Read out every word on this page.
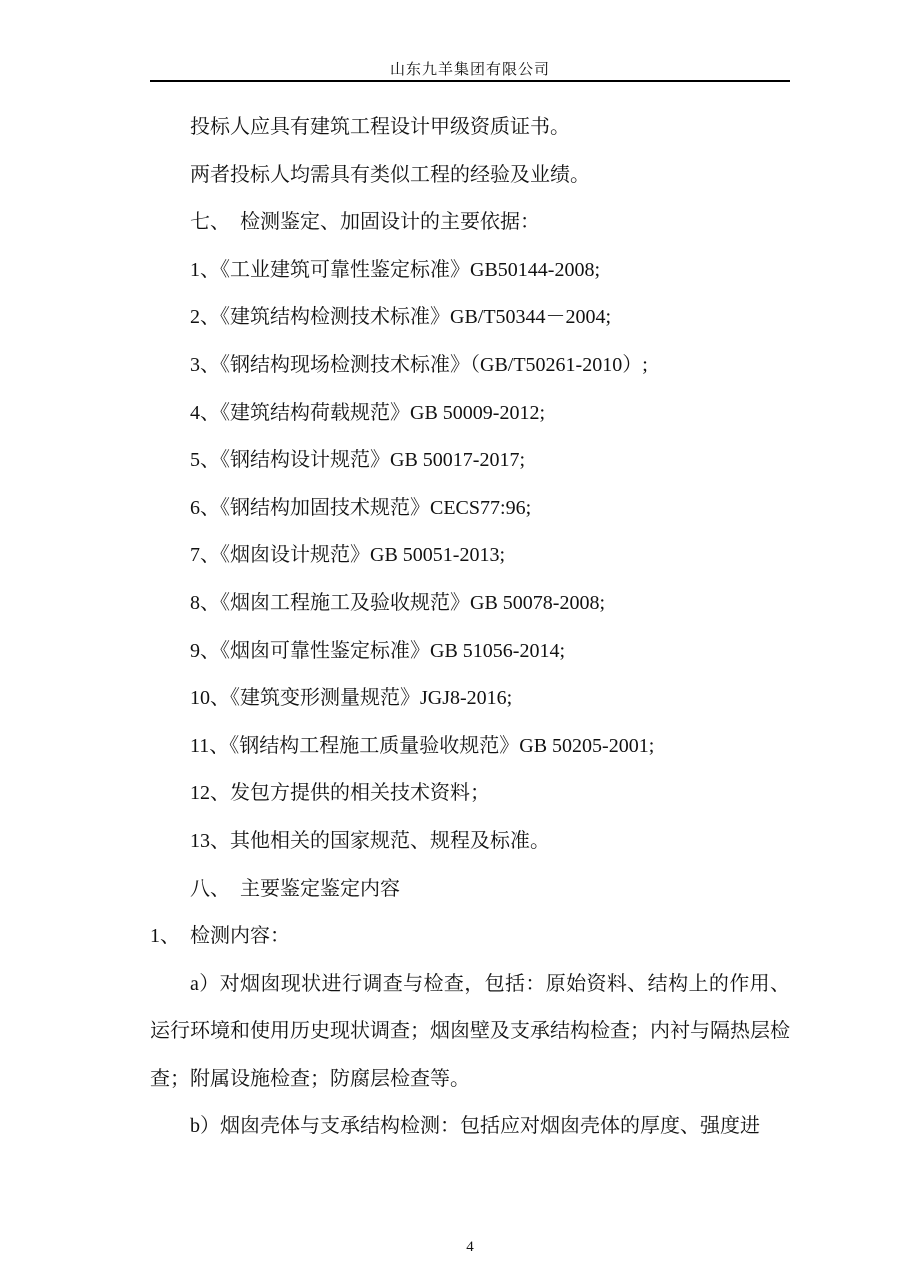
山东九羊集团有限公司

投标人应具有建筑工程设计甲级资质证书。

两者投标人均需具有类似工程的经验及业绩。

七、　检测鉴定、加固设计的主要依据：

1、《工业建筑可靠性鉴定标准》GB50144-2008;

2、《建筑结构检测技术标准》GB/T50344－2004;

3、《钢结构现场检测技术标准》（GB/T50261-2010）;

4、《建筑结构荷载规范》GB 50009-2012;

5、《钢结构设计规范》GB 50017-2017;

6、《钢结构加固技术规范》CECS77:96;

7、《烟囱设计规范》GB 50051-2013;

8、《烟囱工程施工及验收规范》GB 50078-2008;

9、《烟囱可靠性鉴定标准》GB 51056-2014;

10、《建筑变形测量规范》JGJ8-2016;

11、《钢结构工程施工质量验收规范》GB 50205-2001;

12、发包方提供的相关技术资料；

13、其他相关的国家规范、规程及标准。

八、　主要鉴定鉴定内容

1、　检测内容：

a）对烟囱现状进行调查与检查，包括：原始资料、结构上的作用、运行环境和使用历史现状调查；烟囱壁及支承结构检查；内衬与隔热层检查；附属设施检查；防腐层检查等。

b）烟囱壳体与支承结构检测：包括应对烟囱壳体的厚度、强度进

4
